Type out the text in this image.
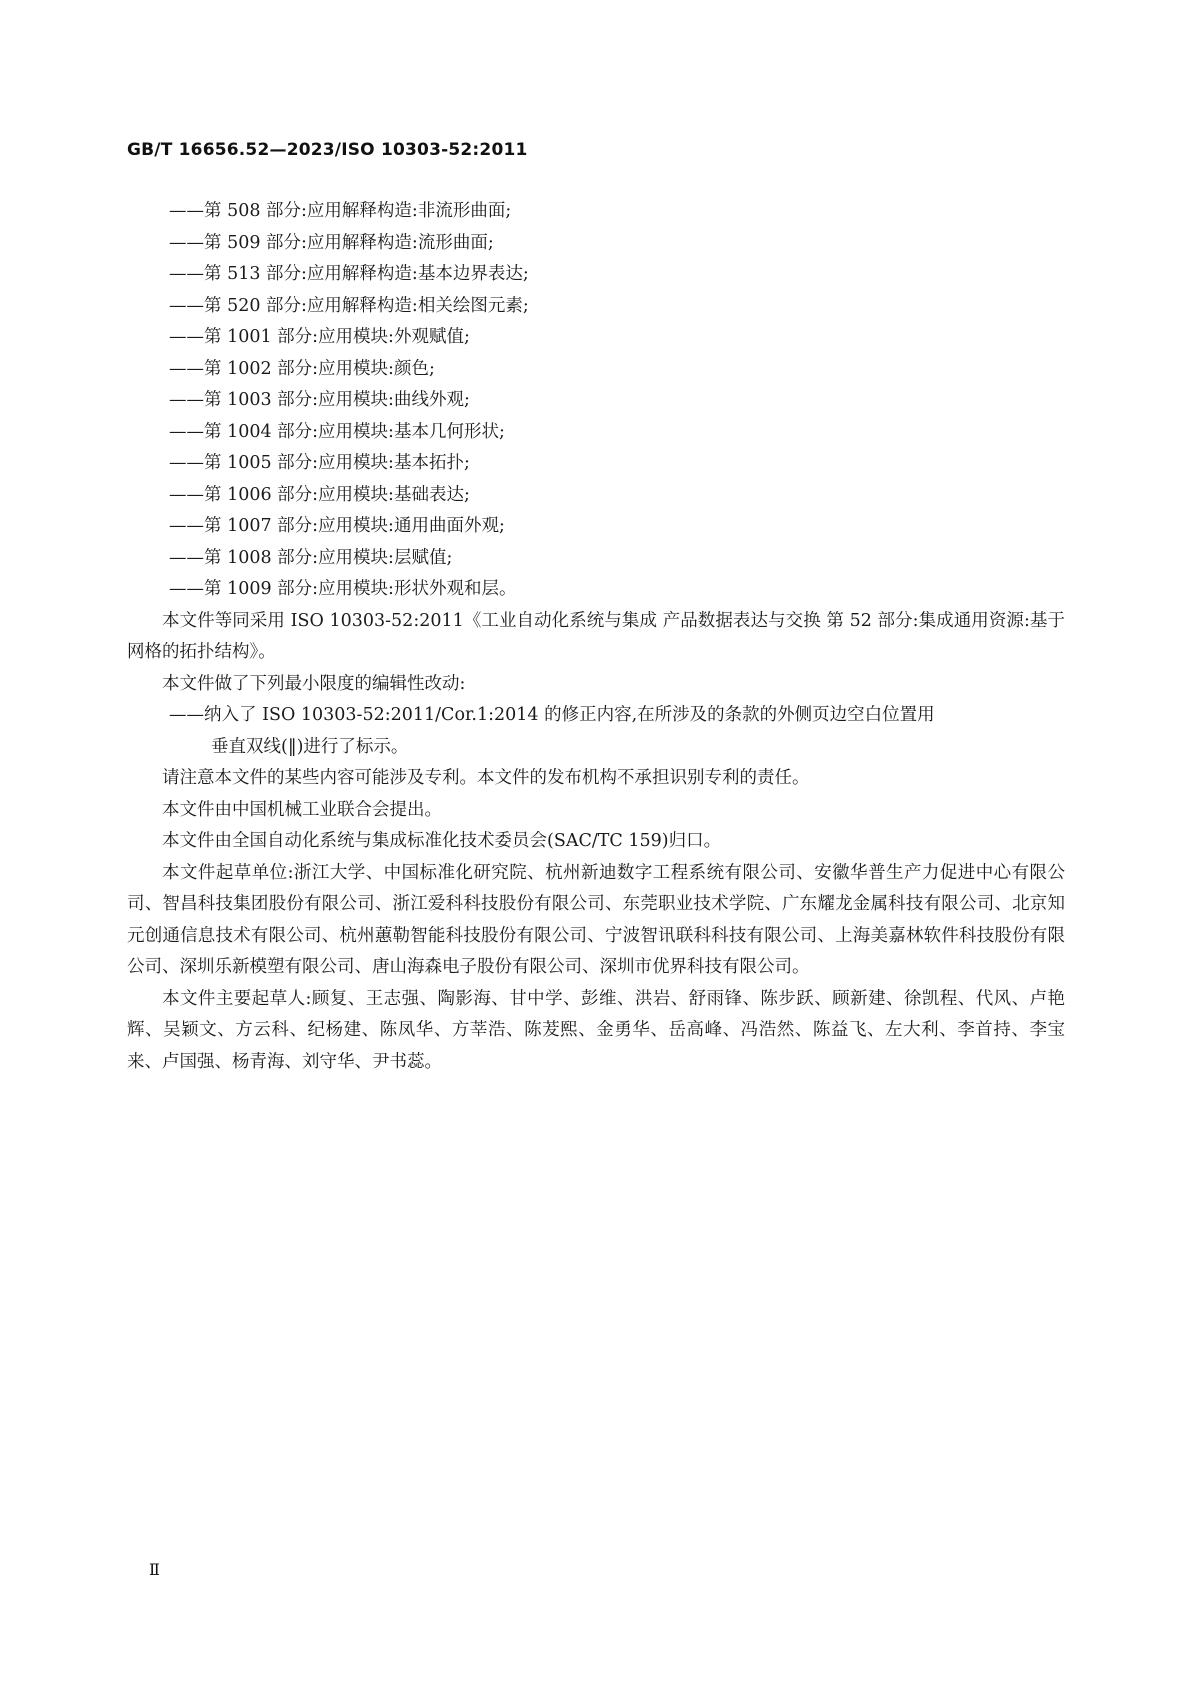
GB/T 16656.52—2023/ISO 10303-52:2011
——第 508 部分:应用解释构造:非流形曲面;
——第 509 部分:应用解释构造:流形曲面;
——第 513 部分:应用解释构造:基本边界表达;
——第 520 部分:应用解释构造:相关绘图元素;
——第 1001 部分:应用模块:外观赋值;
——第 1002 部分:应用模块:颜色;
——第 1003 部分:应用模块:曲线外观;
——第 1004 部分:应用模块:基本几何形状;
——第 1005 部分:应用模块:基本拓扑;
——第 1006 部分:应用模块:基础表达;
——第 1007 部分:应用模块:通用曲面外观;
——第 1008 部分:应用模块:层赋值;
——第 1009 部分:应用模块:形状外观和层。

本文件等同采用 ISO 10303-52:2011《工业自动化系统与集成 产品数据表达与交换 第 52 部分:集成通用资源:基于网格的拓扑结构》。

本文件做了下列最小限度的编辑性改动:

——纳入了 ISO 10303-52:2011/Cor.1:2014 的修正内容,在所涉及的条款的外侧页边空白位置用
垂直双线(‖)进行了标示。

请注意本文件的某些内容可能涉及专利。本文件的发布机构不承担识别专利的责任。

本文件由中国机械工业联合会提出。

本文件由全国自动化系统与集成标准化技术委员会(SAC/TC 159)归口。

本文件起草单位:浙江大学、中国标准化研究院、杭州新迪数字工程系统有限公司、安徽华普生产力促进中心有限公司、智昌科技集团股份有限公司、浙江爱科科技股份有限公司、东莞职业技术学院、广东耀龙金属科技有限公司、北京知元创通信息技术有限公司、杭州蕙勒智能科技股份有限公司、宁波智讯联科科技有限公司、上海美嘉林软件科技股份有限公司、深圳乐新模塑有限公司、唐山海森电子股份有限公司、深圳市优界科技有限公司。

本文件主要起草人:顾复、王志强、陶影海、甘中学、彭维、洪岩、舒雨锋、陈步跃、顾新建、徐凯程、代风、卢艳辉、吴颖文、方云科、纪杨建、陈凤华、方莘浩、陈茇熙、金勇华、岳高峰、冯浩然、陈益飞、左大利、李首持、李宝来、卢国强、杨青海、刘守华、尹书蕊。

Ⅱ
